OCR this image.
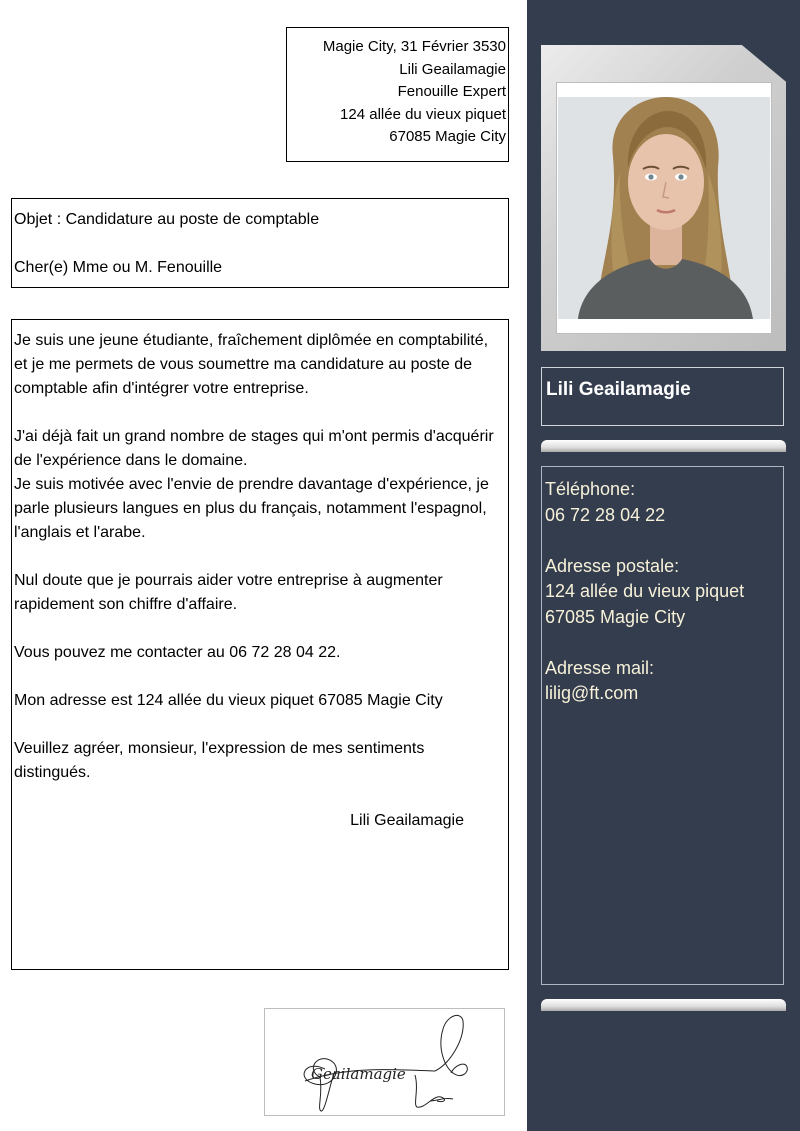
Magie City, 31 Février 3530
Lili Geailamagie
Fenouille Expert
124 allée du vieux piquet
67085 Magie City
Objet : Candidature au poste de comptable
Cher(e) Mme ou M. Fenouille

Je suis une jeune étudiante, fraîchement diplômée en comptabilité, et je me permets de vous soumettre ma candidature au poste de comptable afin d'intégrer votre entreprise.

J'ai déjà fait un grand nombre de stages qui m'ont permis d'acquérir de l'expérience dans le domaine.

Je suis motivée avec l'envie de prendre davantage d'expérience, je parle plusieurs langues en plus du français, notamment l'espagnol, l'anglais et l'arabe.

Nul doute que je pourrais aider votre entreprise à augmenter rapidement son chiffre d'affaire.

Vous pouvez me contacter au 06 72 28 04 22.

Mon adresse est 124 allée du vieux piquet 67085 Magie City

Veuillez agréer, monsieur, l'expression de mes sentiments distingués.

Lili Geailamagie

Geailamagie
Lili Geailamagie
Téléphone:
06 72 28 04 22
Adresse postale:
124 allée du vieux piquet
67085 Magie City
Adresse mail:
lilig@ft.com
